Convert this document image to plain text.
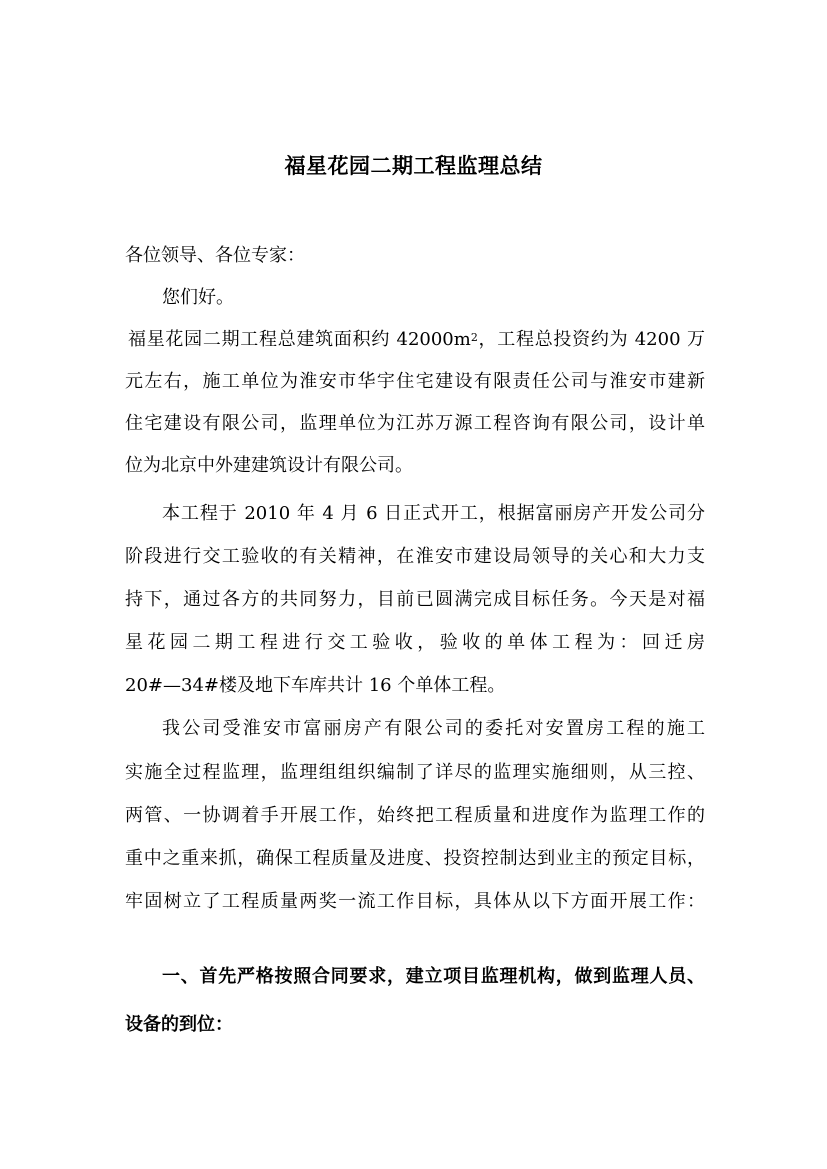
福星花园二期工程监理总结
各位领导、各位专家：
您们好。
福星花园二期工程总建筑面积约 $42000m^2$，工程总投资约为 4200 万
元左右，施工单位为淮安市华宇住宅建设有限责任公司与淮安市建新
住宅建设有限公司，监理单位为江苏万源工程咨询有限公司，设计单
位为北京中外建建筑设计有限公司。
本工程于 2010 年 4 月 6 日正式开工，根据富丽房产开发公司分
阶段进行交工验收的有关精神，在淮安市建设局领导的关心和大力支
持下，通过各方的共同努力，目前已圆满完成目标任务。今天是对福
星花园二期工程进行交工验收，验收的单体工程为：回迁房
20#—34#楼及地下车库共计 16 个单体工程。
我公司受淮安市富丽房产有限公司的委托对安置房工程的施工
实施全过程监理，监理组组织编制了详尽的监理实施细则，从三控、
两管、一协调着手开展工作，始终把工程质量和进度作为监理工作的
重中之重来抓，确保工程质量及进度、投资控制达到业主的预定目标，
牢固树立了工程质量两奖一流工作目标，具体从以下方面开展工作：
一、首先严格按照合同要求，建立项目监理机构，做到监理人员、
设备的到位：
